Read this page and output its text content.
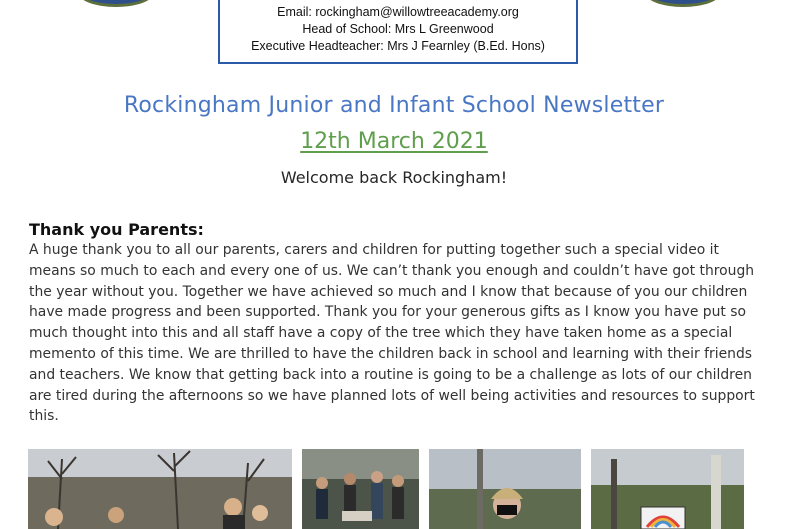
Email: rockingham@willowtreeacademy.org
Head of School: Mrs L Greenwood
Executive Headteacher: Mrs J Fearnley (B.Ed. Hons)
Rockingham Junior and Infant School Newsletter
12th March 2021
Welcome back Rockingham!
Thank you Parents:
A huge thank you to all our parents, carers and children for putting together such a special video it means so much to each and every one of us. We can’t thank you enough and couldn’t have got through the year without you. Together we have achieved so much and I know that because of you our children have made progress and been supported. Thank you for your generous gifts as I know you have put so much thought into this and all staff have a copy of the tree which they have taken home as a special memento of this time. We are thrilled to have the children back in school and learning with their friends and teachers. We know that getting back into a routine is going to be a challenge as lots of our children are tired during the afternoons so we have planned lots of well being activities and resources to support this.
